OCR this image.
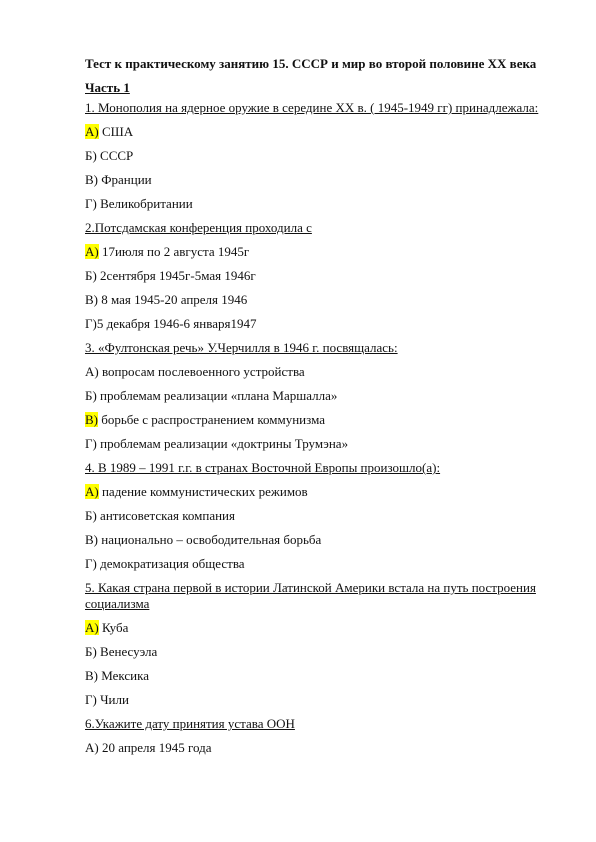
Тест к практическому занятию 15. СССР и мир во второй половине XX века

Часть 1

1. Монополия на ядерное оружие в середине XX в. ( 1945-1949 гг) принадлежала:
А) США
Б) СССР
В) Франции
Г) Великобритании
2.Потсдамская конференция проходила с
А) 17июля по 2 августа 1945г
Б) 2сентября 1945г-5мая 1946г
В) 8 мая 1945-20 апреля 1946
Г)5 декабря 1946-6 января1947
3. «Фултонская речь» У.Черчилля в 1946 г. посвящалась:
А) вопросам послевоенного устройства
Б) проблемам реализации «плана Маршалла»
В) борьбе с распространением коммунизма
Г) проблемам реализации «доктрины Трумэна»
4. В 1989 – 1991 г.г. в странах Восточной Европы произошло(а):
А) падение коммунистических режимов
Б) антисоветская компания
В) национально – освободительная борьба
Г) демократизация общества
5. Какая страна первой в истории Латинской Америки встала на путь построения социализма
А) Куба
Б) Венесуэла
В) Мексика
Г) Чили
6.Укажите дату принятия устава ООН
А) 20 апреля 1945 года
